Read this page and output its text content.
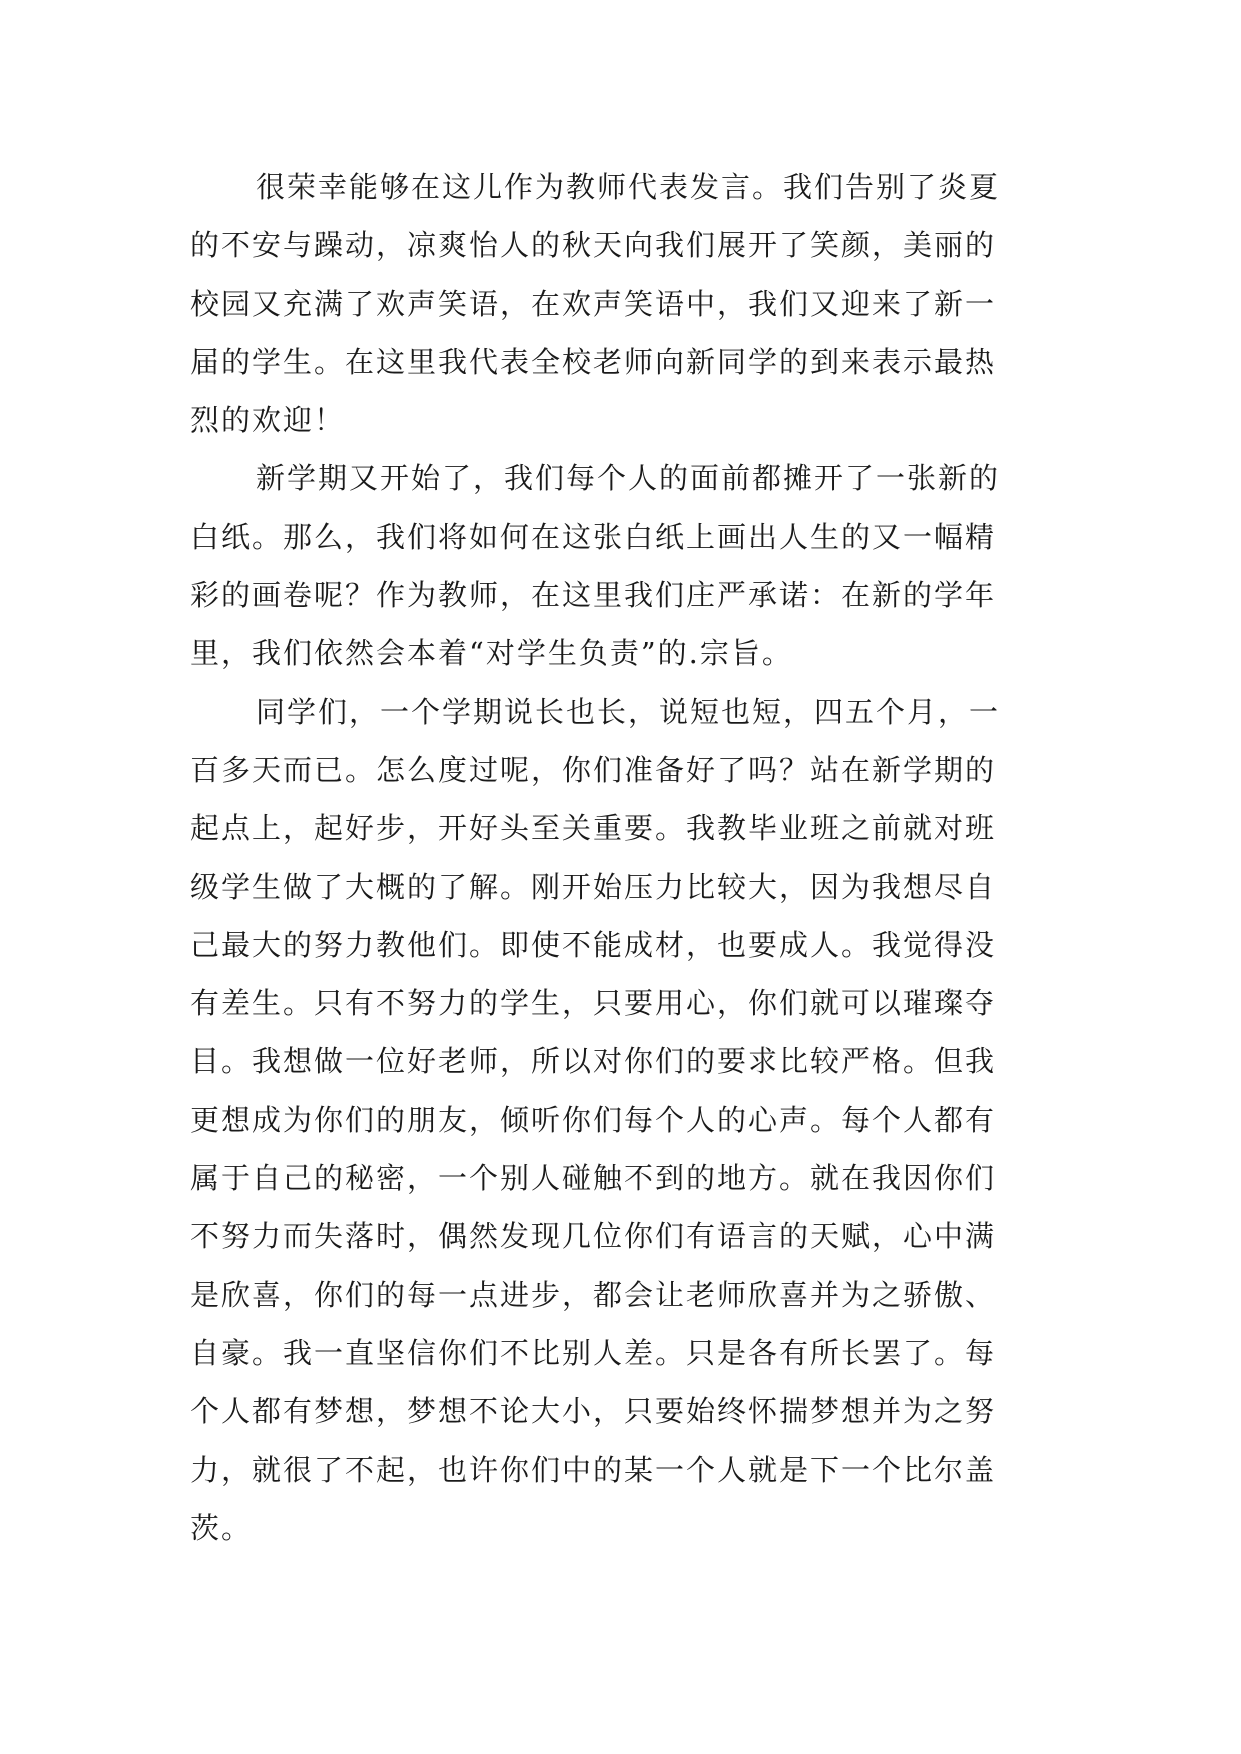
很荣幸能够在这儿作为教师代表发言。我们告别了炎夏
的不安与躁动，凉爽怡人的秋天向我们展开了笑颜，美丽的
校园又充满了欢声笑语，在欢声笑语中，我们又迎来了新一
届的学生。在这里我代表全校老师向新同学的到来表示最热
烈的欢迎！
新学期又开始了，我们每个人的面前都摊开了一张新的
白纸。那么，我们将如何在这张白纸上画出人生的又一幅精
彩的画卷呢？作为教师，在这里我们庄严承诺：在新的学年
里，我们依然会本着“对学生负责”的.宗旨。
同学们，一个学期说长也长，说短也短，四五个月，一
百多天而已。怎么度过呢，你们准备好了吗？站在新学期的
起点上，起好步，开好头至关重要。我教毕业班之前就对班
级学生做了大概的了解。刚开始压力比较大，因为我想尽自
己最大的努力教他们。即使不能成材，也要成人。我觉得没
有差生。只有不努力的学生，只要用心，你们就可以璀璨夺
目。我想做一位好老师，所以对你们的要求比较严格。但我
更想成为你们的朋友，倾听你们每个人的心声。每个人都有
属于自己的秘密，一个别人碰触不到的地方。就在我因你们
不努力而失落时，偶然发现几位你们有语言的天赋，心中满
是欣喜，你们的每一点进步，都会让老师欣喜并为之骄傲、
自豪。我一直坚信你们不比别人差。只是各有所长罢了。每
个人都有梦想，梦想不论大小，只要始终怀揣梦想并为之努
力，就很了不起，也许你们中的某一个人就是下一个比尔盖
茨。
